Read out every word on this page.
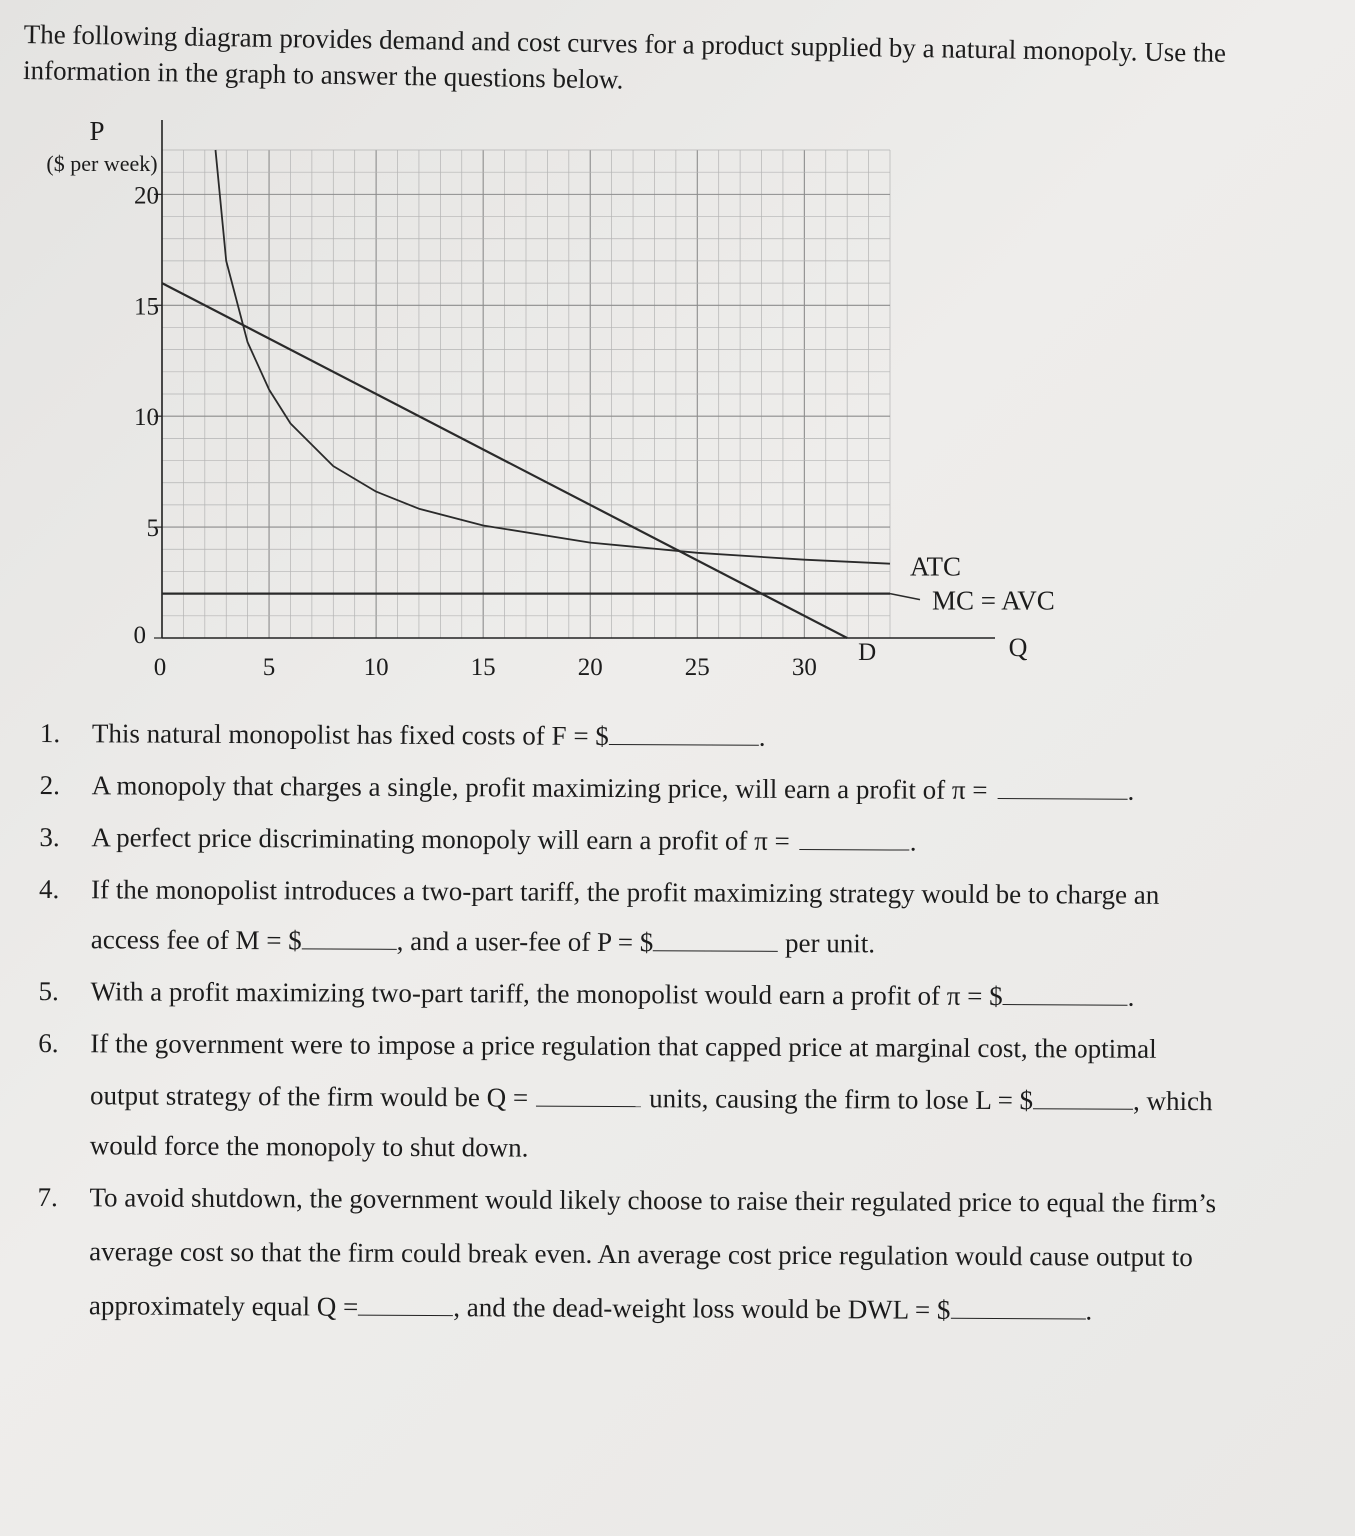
The following diagram provides demand and cost curves for a product supplied by a natural monopoly. Use the information in the graph to answer the questions below.
0
5
10
15
20
0	5	10	15	20	25	30
P
($ per week)
Q
D
ATC
MC = AVC
1. This natural monopolist has fixed costs of F = $	.
2. A monopoly that charges a single, profit maximizing price, will earn a profit of π =	.
3. A perfect price discriminating monopoly will earn a profit of π =	.
4. If the monopolist introduces a two-part tariff, the profit maximizing strategy would be to charge an
access fee of M = $	, and a user-fee of P = $	per unit.
5. With a profit maximizing two-part tariff, the monopolist would earn a profit of π = $	.
6. If the government were to impose a price regulation that capped price at marginal cost, the optimal
output strategy of the firm would be Q =	units, causing the firm to lose L = $	, which
would force the monopoly to shut down.
7. To avoid shutdown, the government would likely choose to raise their regulated price to equal the firm’s
average cost so that the firm could break even. An average cost price regulation would cause output to
approximately equal Q =	, and the dead-weight loss would be DWL = $	.
